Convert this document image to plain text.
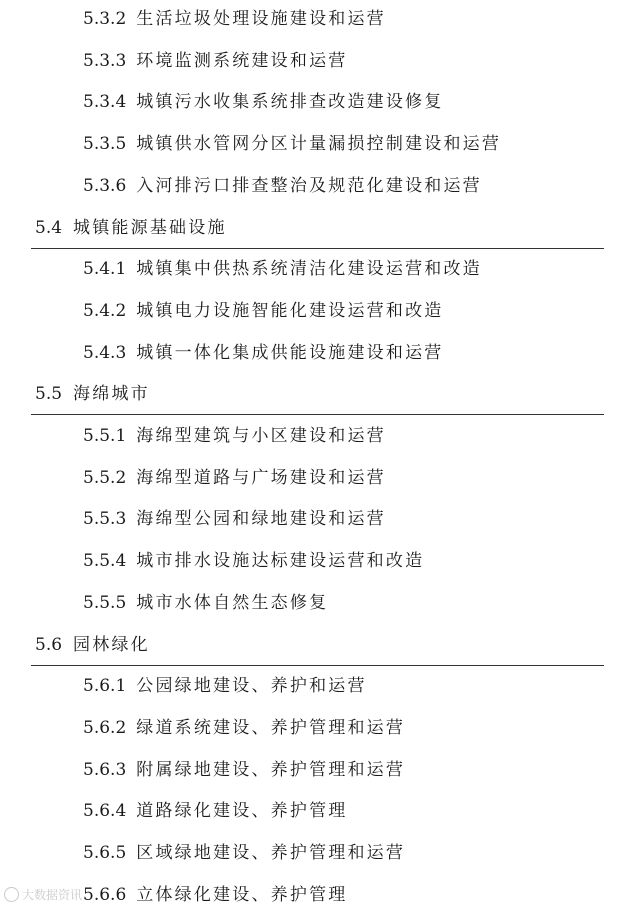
5.3.2 生活垃圾处理设施建设和运营
5.3.3 环境监测系统建设和运营
5.3.4 城镇污水收集系统排查改造建设修复
5.3.5 城镇供水管网分区计量漏损控制建设和运营
5.3.6 入河排污口排查整治及规范化建设和运营
5.4 城镇能源基础设施
5.4.1 城镇集中供热系统清洁化建设运营和改造
5.4.2 城镇电力设施智能化建设运营和改造
5.4.3 城镇一体化集成供能设施建设和运营
5.5 海绵城市
5.5.1 海绵型建筑与小区建设和运营
5.5.2 海绵型道路与广场建设和运营
5.5.3 海绵型公园和绿地建设和运营
5.5.4 城市排水设施达标建设运营和改造
5.5.5 城市水体自然生态修复
5.6 园林绿化
5.6.1 公园绿地建设、养护和运营
5.6.2 绿道系统建设、养护管理和运营
5.6.3 附属绿地建设、养护管理和运营
5.6.4 道路绿化建设、养护管理
5.6.5 区域绿地建设、养护管理和运营
5.6.6 立体绿化建设、养护管理
大数据资讯
